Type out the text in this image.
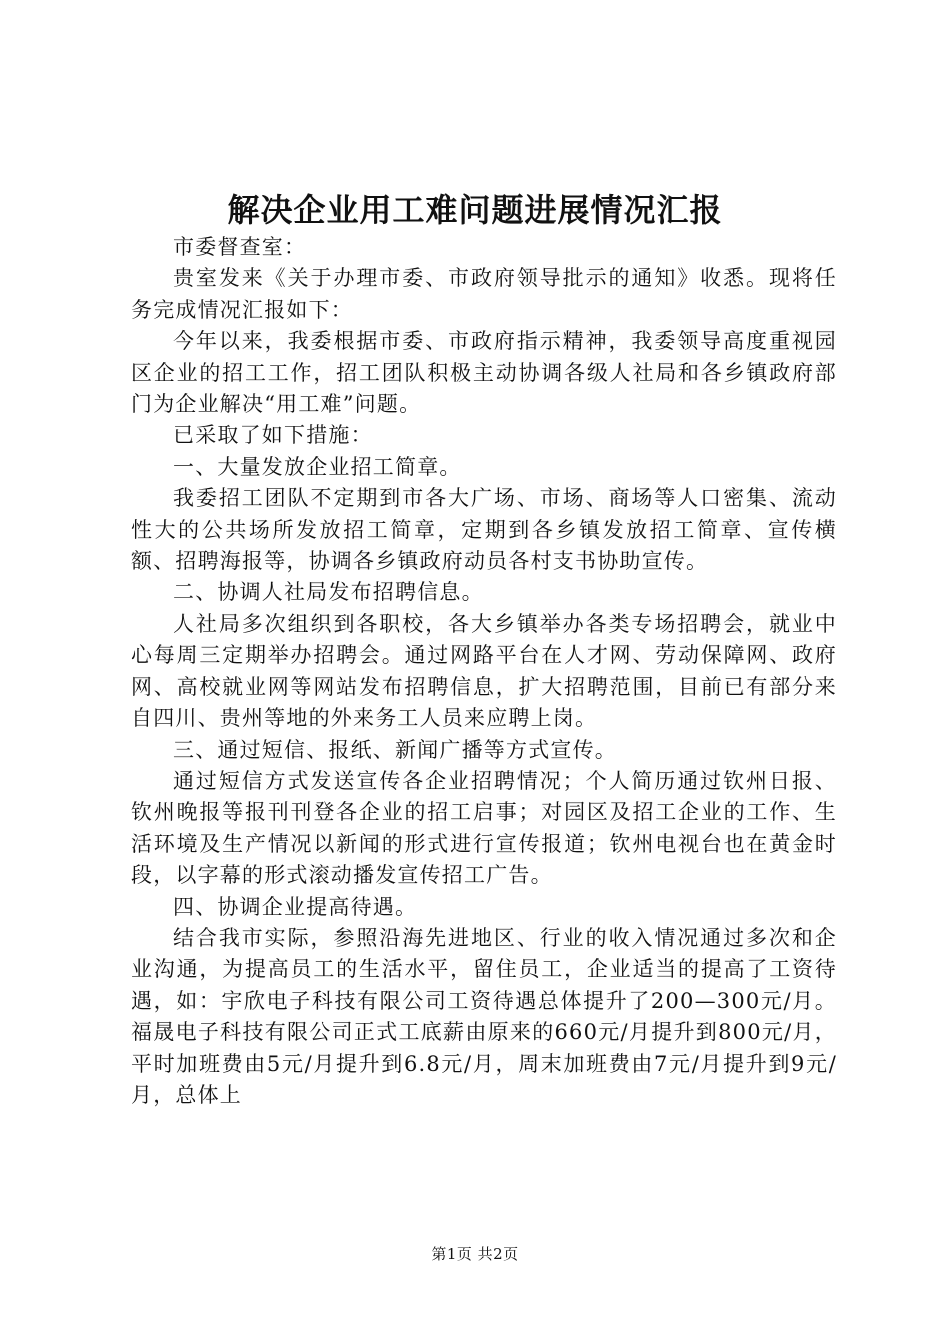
解决企业用工难问题进展情况汇报

市委督查室：

贵室发来《关于办理市委、市政府领导批示的通知》收悉。现将任务完成情况汇报如下：

今年以来，我委根据市委、市政府指示精神，我委领导高度重视园区企业的招工工作，招工团队积极主动协调各级人社局和各乡镇政府部门为企业解决“用工难”问题。

已采取了如下措施：

一、大量发放企业招工简章。

我委招工团队不定期到市各大广场、市场、商场等人口密集、流动性大的公共场所发放招工简章，定期到各乡镇发放招工简章、宣传横额、招聘海报等，协调各乡镇政府动员各村支书协助宣传。

二、协调人社局发布招聘信息。

人社局多次组织到各职校，各大乡镇举办各类专场招聘会，就业中心每周三定期举办招聘会。通过网路平台在人才网、劳动保障网、政府网、高校就业网等网站发布招聘信息，扩大招聘范围，目前已有部分来自四川、贵州等地的外来务工人员来应聘上岗。

三、通过短信、报纸、新闻广播等方式宣传。

通过短信方式发送宣传各企业招聘情况；个人简历通过钦州日报、钦州晚报等报刊刊登各企业的招工启事；对园区及招工企业的工作、生活环境及生产情况以新闻的形式进行宣传报道；钦州电视台也在黄金时段，以字幕的形式滚动播发宣传招工广告。

四、协调企业提高待遇。

结合我市实际，参照沿海先进地区、行业的收入情况通过多次和企业沟通，为提高员工的生活水平，留住员工，企业适当的提高了工资待遇，如：宇欣电子科技有限公司工资待遇总体提升了200—300元/月。福晟电子科技有限公司正式工底薪由原来的660元/月提升到800元/月，平时加班费由5元/月提升到6.8元/月，周末加班费由7元/月提升到9元/月，总体上

第1页 共2页
